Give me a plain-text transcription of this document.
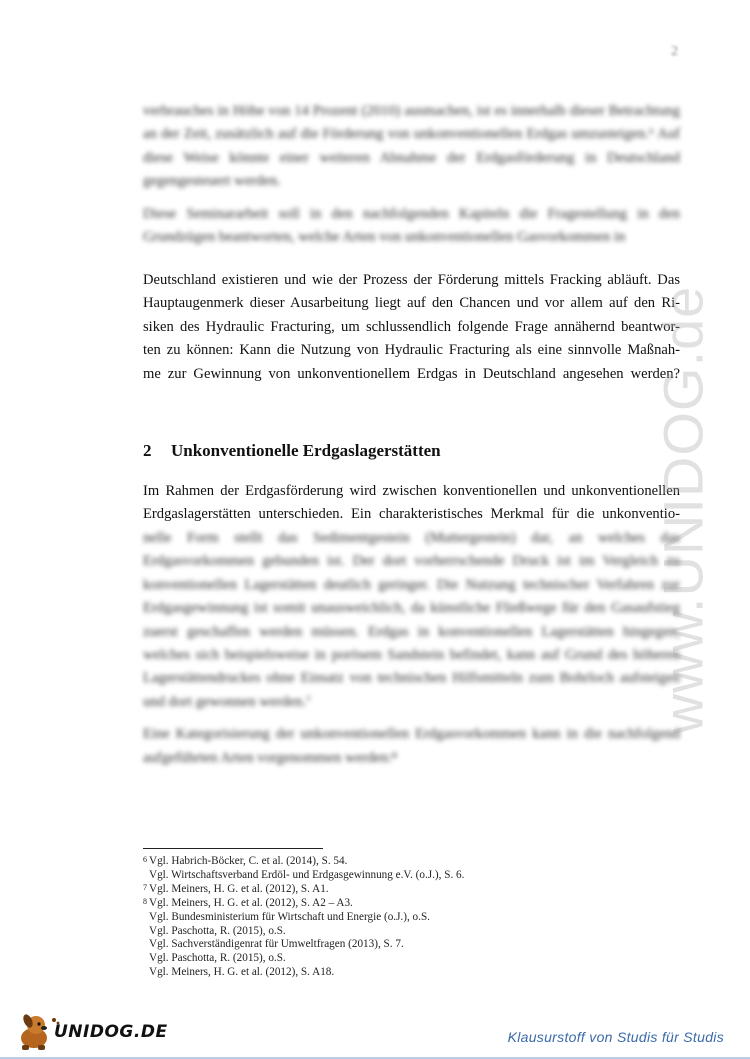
2

verbrauches in Höhe von 14 Prozent (2010) ausmachen, ist es innerhalb dieser Betrachtung an der Zeit, zusätzlich auf die Förderung von unkonventionellen Erdgas umzusteigen.⁶ Auf diese Weise könnte einer weiteren Abnahme der Erdgasförderung in Deutschland gegengesteuert werden.

Diese Seminararbeit soll in den nachfolgenden Kapiteln die Fragestellung in den Grundzügen beantworten, welche Arten von unkonventionellen Gasvorkommen in

Deutschland existieren und wie der Prozess der Förderung mittels Fracking abläuft. Das

Hauptaugenmerk dieser Ausarbeitung liegt auf den Chancen und vor allem auf den Ri-

siken des Hydraulic Fracturing, um schlussendlich folgende Frage annähernd beantwor-

ten zu können: Kann die Nutzung von Hydraulic Fracturing als eine sinnvolle Maßnah-

me zur Gewinnung von unkonventionellem Erdgas in Deutschland angesehen werden?

2 Unkonventionelle Erdgaslagerstätten

Im Rahmen der Erdgasförderung wird zwischen konventionellen und unkonventionellen

Erdgaslagerstätten unterschieden. Ein charakteristisches Merkmal für die unkonventio-

nelle Form stellt das Sedimentgestein (Muttergestein) dar, an welches das Erdgasvorkommen gebunden ist. Der dort vorherrschende Druck ist im Vergleich zu konventionellen Lagerstätten deutlich geringer. Die Nutzung technischer Verfahren zur Erdgasgewinnung ist somit unausweichlich, da künstliche Fließwege für den Gasaufstieg zuerst geschaffen werden müssen. Erdgas in konventionellen Lagerstätten hingegen, welches sich beispielsweise in porösem Sandstein befindet, kann auf Grund des höheren Lagerstättendruckes ohne Einsatz von technischen Hilfsmitteln zum Bohrloch aufsteigen und dort gewonnen werden.⁷

Eine Kategorisierung der unkonventionellen Erdgasvorkommen kann in die nachfolgend aufgeführten Arten vorgenommen werden:⁸

6 Vgl. Habrich-Böcker, C. et al. (2014), S. 54.

Vgl. Wirtschaftsverband Erdöl- und Erdgasgewinnung e.V. (o.J.), S. 6.

7 Vgl. Meiners, H. G. et al. (2012), S. A1.

8 Vgl. Meiners, H. G. et al. (2012), S. A2 – A3.

Vgl. Bundesministerium für Wirtschaft und Energie (o.J.), o.S.

Vgl. Paschotta, R. (2015), o.S.

Vgl. Sachverständigenrat für Umweltfragen (2013), S. 7.

Vgl. Paschotta, R. (2015), o.S.

Vgl. Meiners, H. G. et al. (2012), S. A18.

www.UNIDOG.de
UNIDOG.DE	Klausurstoff von Studis für Studis
